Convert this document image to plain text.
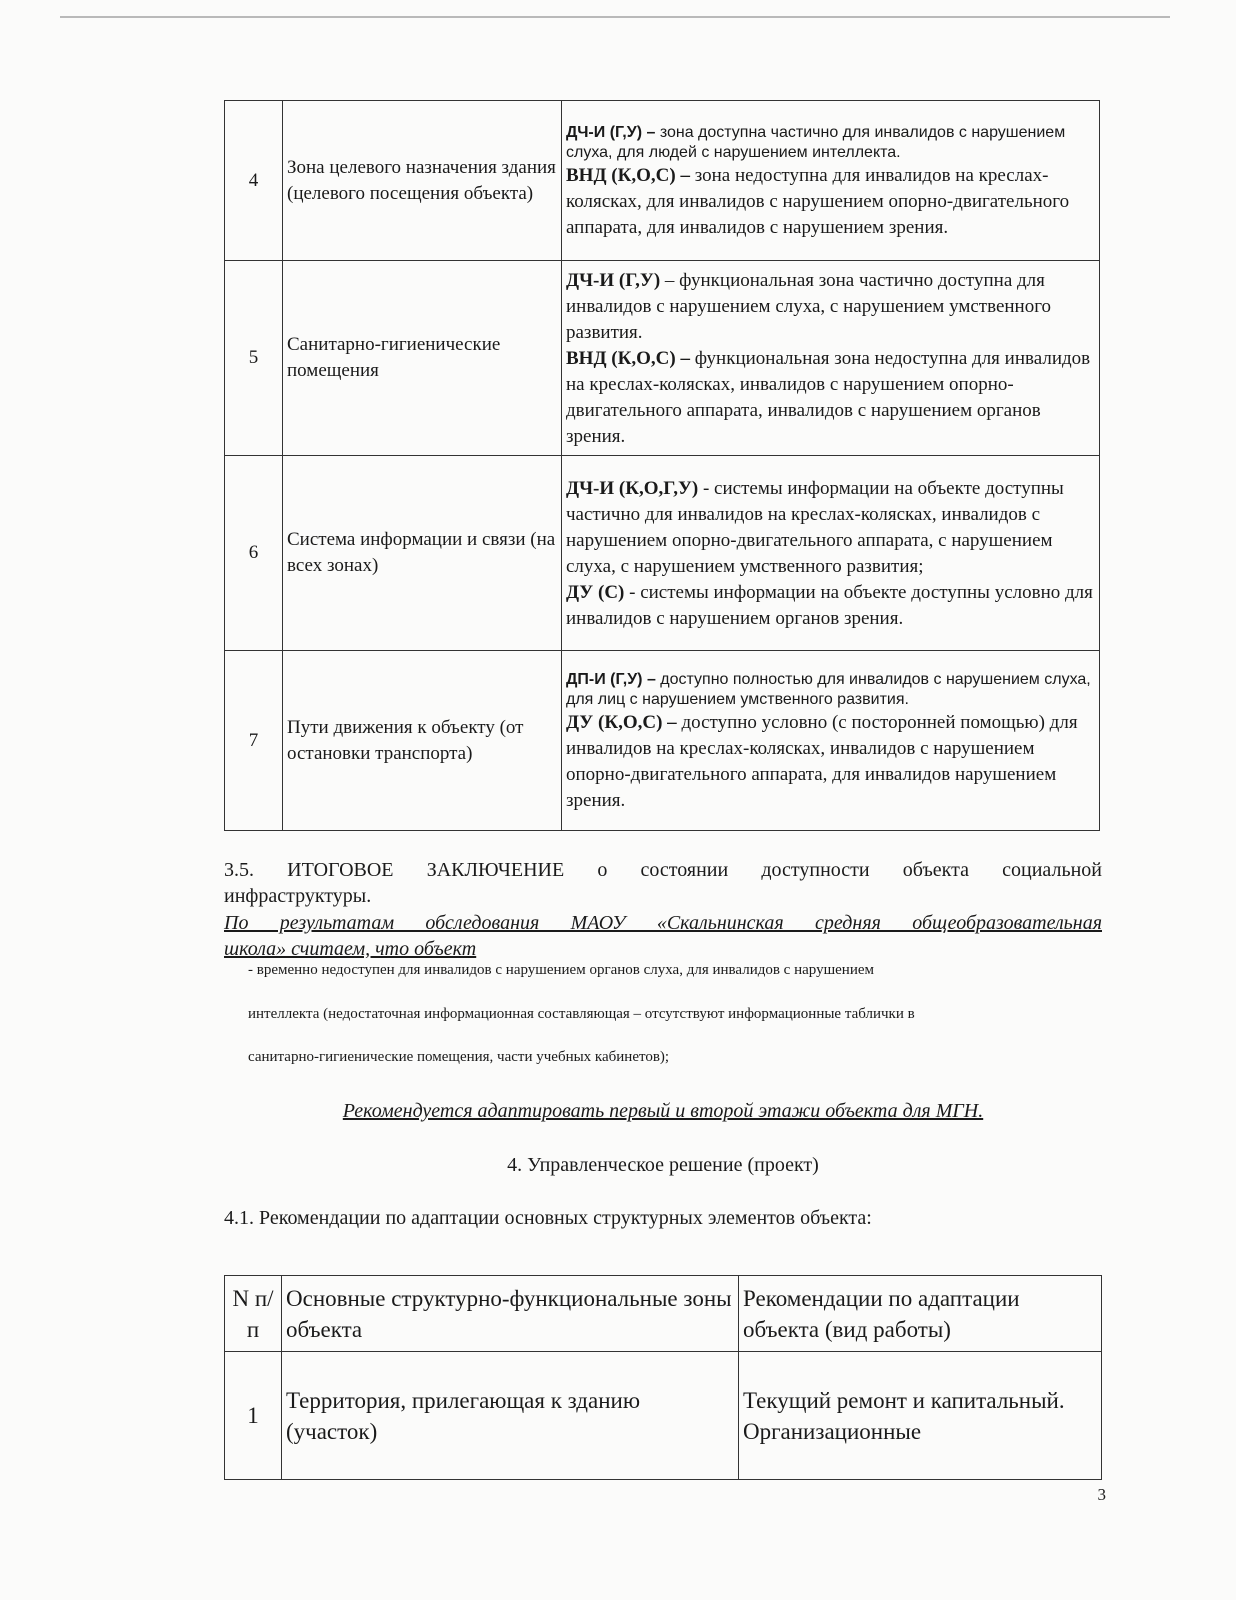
4	Зона целевого назначения здания (целевого посещения объекта)	ДЧ-И (Г,У) – зона доступна частично для инвалидов с нарушением слуха, для людей с нарушением интеллекта.
ВНД (К,О,С) – зона недоступна для инвалидов на креслах-колясках, для инвалидов с нарушением опорно-двигательного аппарата, для инвалидов с нарушением зрения.
5	Санитарно-гигиенические помещения	ДЧ-И (Г,У) – функциональная зона частично доступна для инвалидов с нарушением слуха, с нарушением умственного развития.
ВНД (К,О,С) – функциональная зона недоступна для инвалидов на креслах-колясках, инвалидов с нарушением опорно-двигательного аппарата, инвалидов с нарушением органов зрения.
6	Система информации и связи (на всех зонах)	ДЧ-И (К,О,Г,У) - системы информации на объекте доступны частично для инвалидов на креслах-колясках, инвалидов с нарушением опорно-двигательного аппарата, с нарушением слуха, с нарушением умственного развития;
ДУ (С) - системы информации на объекте доступны условно для инвалидов с нарушением органов зрения.
7	Пути движения к объекту (от остановки транспорта)	ДП-И (Г,У) – доступно полностью для инвалидов с нарушением слуха, для лиц с нарушением умственного развития.
ДУ (К,О,С) – доступно условно (с посторонней помощью) для инвалидов на креслах-колясках, инвалидов с нарушением опорно-двигательного аппарата, для инвалидов нарушением зрения.
3.5. ИТОГОВОЕ ЗАКЛЮЧЕНИЕ о состоянии доступности объекта социальной
инфраструктуры.
По результатам обследования МАОУ «Скальнинская средняя общеобразовательная
школа» считаем, что объект
- временно недоступен для инвалидов с нарушением органов слуха, для инвалидов с нарушением
интеллекта (недостаточная информационная составляющая – отсутствуют информационные таблички в
санитарно-гигиенические помещения, части учебных кабинетов);
Рекомендуется адаптировать первый и второй этажи объекта для МГН.
4. Управленческое решение (проект)
4.1. Рекомендации по адаптации основных структурных элементов объекта:
N п/п	Основные структурно-функциональные зоны объекта	Рекомендации по адаптации объекта (вид работы)
1	Территория, прилегающая к зданию (участок)	Текущий ремонт и капитальный. Организационные
3
